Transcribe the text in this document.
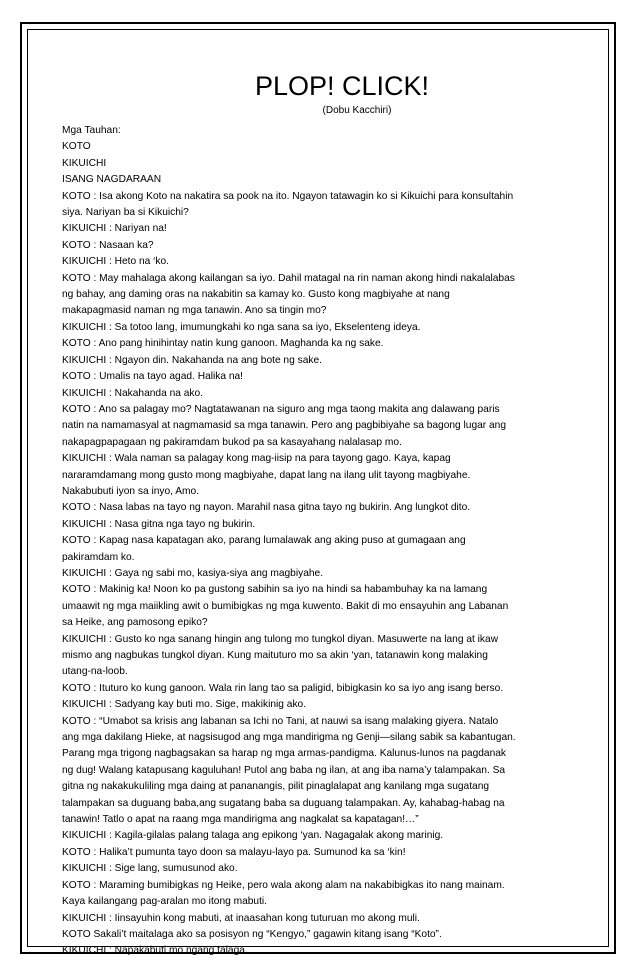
PLOP! CLICK!
(Dobu Kacchiri)
Mga Tauhan:
KOTO
KIKUICHI
ISANG NAGDARAAN
KOTO : Isa akong Koto na nakatira sa pook na ito. Ngayon tatawagin ko si Kikuichi para konsultahin
siya. Nariyan ba si Kikuichi?
KIKUICHI : Nariyan na!
KOTO : Nasaan ka?
KIKUICHI : Heto na ‘ko.
KOTO : May mahalaga akong kailangan sa iyo. Dahil matagal na rin naman akong hindi nakalalabas
ng bahay, ang daming oras na nakabitin sa kamay ko. Gusto kong magbiyahe at nang
makapagmasid naman ng mga tanawin. Ano sa tingin mo?
KIKUICHI : Sa totoo lang, imumungkahi ko nga sana sa iyo, Ekselenteng ideya.
KOTO : Ano pang hinihintay natin kung ganoon. Maghanda ka ng sake.
KIKUICHI : Ngayon din. Nakahanda na ang bote ng sake.
KOTO : Umalis na tayo agad. Halika na!
KIKUICHI : Nakahanda na ako.
KOTO : Ano sa palagay mo? Nagtatawanan na siguro ang mga taong makita ang dalawang paris
natin na namamasyal at nagmamasid sa mga tanawin. Pero ang pagbibiyahe sa bagong lugar ang
nakapagpapagaan ng pakiramdam bukod pa sa kasayahang nalalasap mo.
KIKUICHI : Wala naman sa palagay kong mag-iisip na para tayong gago. Kaya, kapag
nararamdamang mong gusto mong magbiyahe, dapat lang na ilang ulit tayong magbiyahe.
Nakabubuti iyon sa inyo, Amo.
KOTO : Nasa labas na tayo ng nayon. Marahil nasa gitna tayo ng bukirin. Ang lungkot dito.
KIKUICHI : Nasa gitna nga tayo ng bukirin.
KOTO : Kapag nasa kapatagan ako, parang lumalawak ang aking puso at gumagaan ang
pakiramdam ko.
KIKUICHI : Gaya ng sabi mo, kasiya-siya ang magbiyahe.
KOTO : Makinig ka! Noon ko pa gustong sabihin sa iyo na hindi sa habambuhay ka na lamang
umaawit ng mga maiikling awit o bumibigkas ng mga kuwento. Bakit di mo ensayuhin ang Labanan
sa Heike, ang pamosong epiko?
KIKUICHI : Gusto ko nga sanang hingin ang tulong mo tungkol diyan. Masuwerte na lang at ikaw
mismo ang nagbukas tungkol diyan. Kung maituturo mo sa akin ‘yan, tatanawin kong malaking
utang-na-loob.
KOTO : Ituturo ko kung ganoon. Wala rin lang tao sa paligid, bibigkasin ko sa iyo ang isang berso.
KIKUICHI : Sadyang kay buti mo. Sige, makikinig ako.
KOTO : “Umabot sa krisis ang labanan sa Ichi no Tani, at nauwi sa isang malaking giyera. Natalo
ang mga dakilang Hieke, at nagsisugod ang mga mandirigma ng Genji—silang sabik sa kabantugan.
Parang mga trigong nagbagsakan sa harap ng mga armas-pandigma. Kalunus-lunos na pagdanak
ng dug! Walang katapusang kaguluhan! Putol ang baba ng ilan, at ang iba nama’y talampakan. Sa
gitna ng nakakukuliling mga daing at pananangis, pilit pinaglalapat ang kanilang mga sugatang
talampakan sa duguang baba,ang sugatang baba sa duguang talampakan. Ay, kahabag-habag na
tanawin! Tatlo o apat na raang mga mandirigma ang nagkalat sa kapatagan!…”
KIKUICHI : Kagila-gilalas palang talaga ang epikong ‘yan. Nagagalak akong marinig.
KOTO : Halika’t pumunta tayo doon sa malayu-layo pa. Sumunod ka sa ‘kin!
KIKUICHI : Sige lang, sumusunod ako.
KOTO : Maraming bumibigkas ng Heike, pero wala akong alam na nakabibigkas ito nang mainam.
Kaya kailangang pag-aralan mo itong mabuti.
KIKUICHI : Iinsayuhin kong mabuti, at inaasahan kong tuturuan mo akong muli.
KOTO Sakali’t maitalaga ako sa posisyon ng “Kengyo,” gagawin kitang isang “Koto”.
KIKUICHI : Napakabuti mo ngang talaga.
